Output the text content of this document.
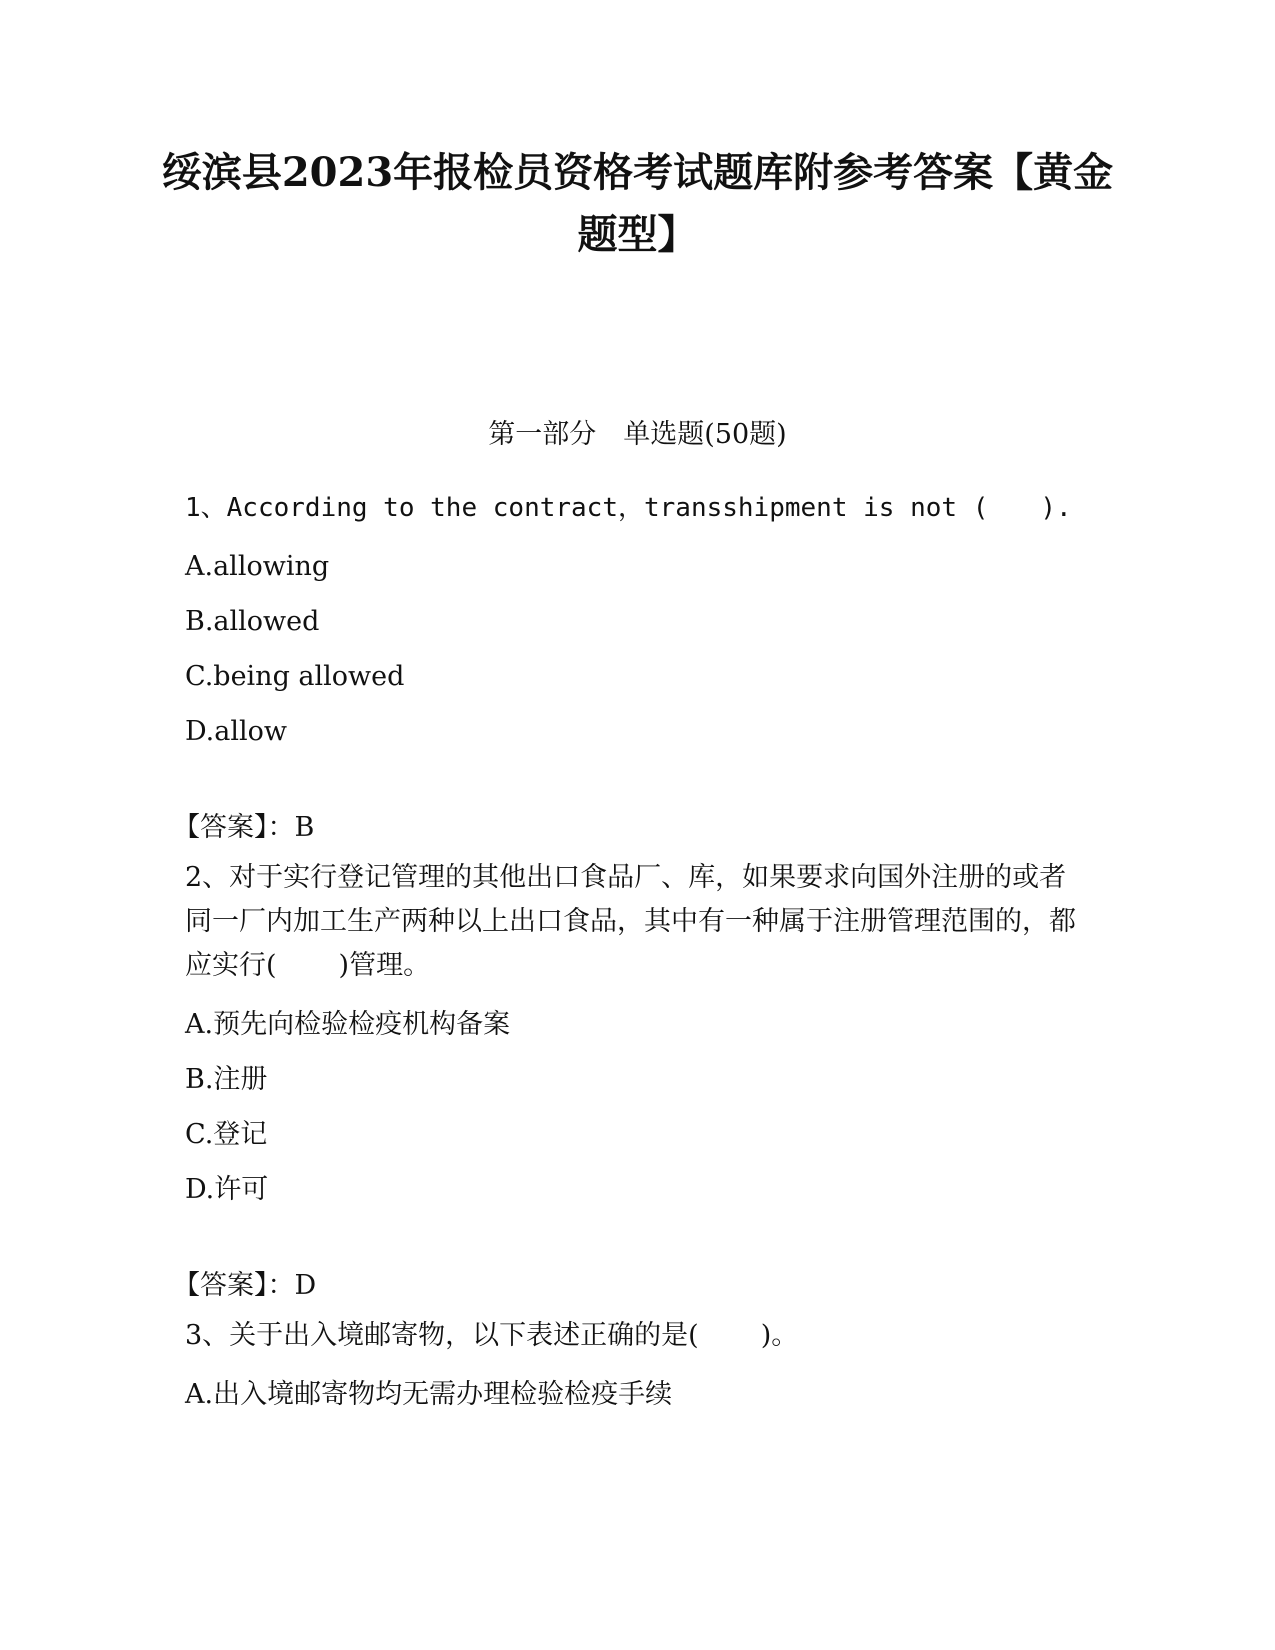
绥滨县2023年报检员资格考试题库附参考答案【黄金题型】
第一部分　单选题(50题)

1、According to the contract，transshipment is not ( ).

A.allowing

B.allowed

C.being allowed

D.allow

【答案】：B

2、对于实行登记管理的其他出口食品厂、库，如果要求向国外注册的或者同一厂内加工生产两种以上出口食品，其中有一种属于注册管理范围的，都应实行( )管理。

A.预先向检验检疫机构备案

B.注册

C.登记

D.许可

【答案】：D

3、关于出入境邮寄物，以下表述正确的是( )。

A.出入境邮寄物均无需办理检验检疫手续
